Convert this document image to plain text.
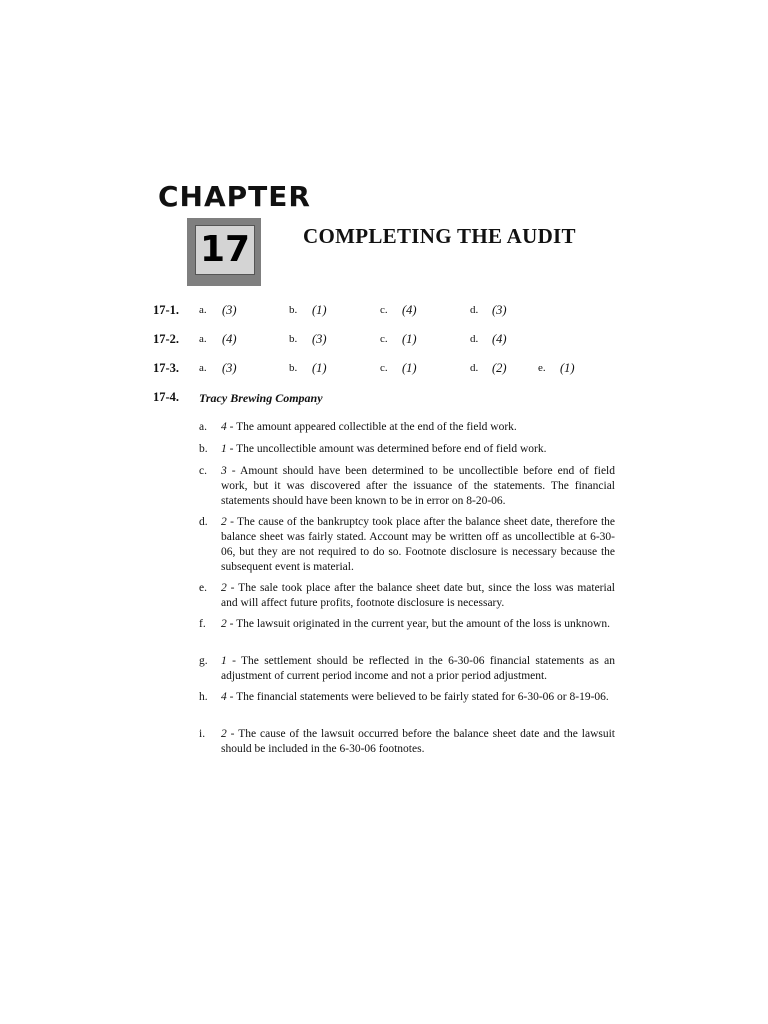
CHAPTER
17	COMPLETING THE AUDIT
17-1. a. (3)	b. (1)	c. (4)	d. (3)
17-2. a. (4)	b. (3)	c. (1)	d. (4)
17-3. a. (3)	b. (1)	c. (1)	d. (2)	e. (1)
17-4. Tracy Brewing Company
a. 4 - The amount appeared collectible at the end of the field work.
b. 1 - The uncollectible amount was determined before end of field work.
c. 3 - Amount should have been determined to be uncollectible before end of field work, but it was discovered after the issuance of the statements. The financial statements should have been known to be in error on 8-20-06.
d. 2 - The cause of the bankruptcy took place after the balance sheet date, therefore the balance sheet was fairly stated. Account may be written off as uncollectible at 6-30-06, but they are not required to do so. Footnote disclosure is necessary because the subsequent event is material.
e. 2 - The sale took place after the balance sheet date but, since the loss was material and will affect future profits, footnote disclosure is necessary.
f. 2 - The lawsuit originated in the current year, but the amount of the loss is unknown.
g. 1 - The settlement should be reflected in the 6-30-06 financial statements as an adjustment of current period income and not a prior period adjustment.
h. 4 - The financial statements were believed to be fairly stated for 6-30-06 or 8-19-06.
i. 2 - The cause of the lawsuit occurred before the balance sheet date and the lawsuit should be included in the 6-30-06 footnotes.
